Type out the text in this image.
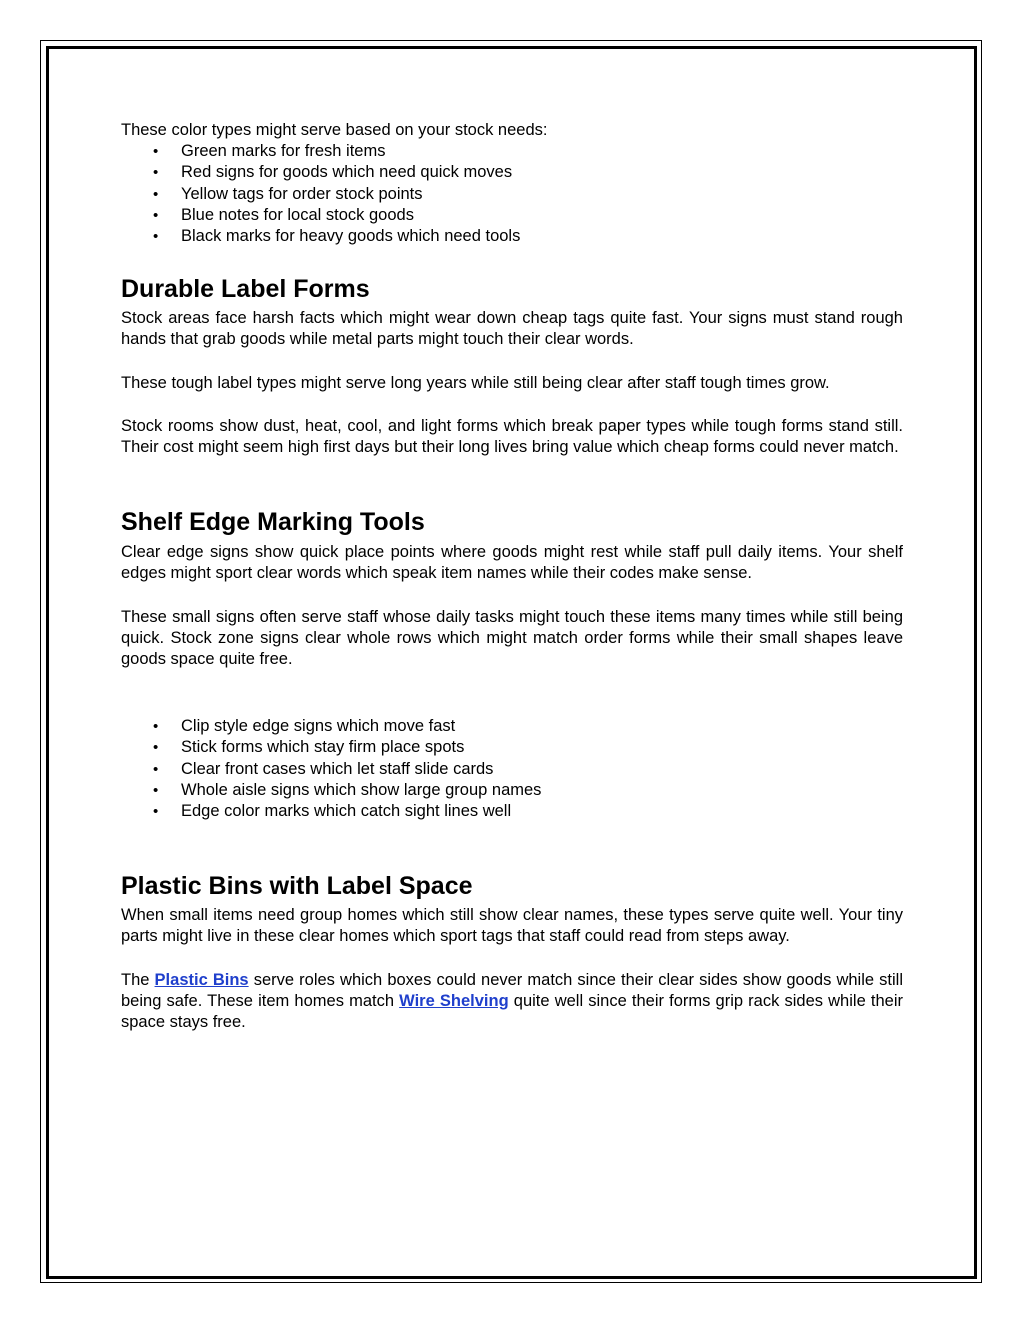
These color types might serve based on your stock needs:

• Green marks for fresh items
• Red signs for goods which need quick moves
• Yellow tags for order stock points
• Blue notes for local stock goods
• Black marks for heavy goods which need tools
Durable Label Forms

Stock areas face harsh facts which might wear down cheap tags quite fast. Your signs must stand rough hands that grab goods while metal parts might touch their clear words.

These tough label types might serve long years while still being clear after staff tough times grow.

Stock rooms show dust, heat, cool, and light forms which break paper types while tough forms stand still. Their cost might seem high first days but their long lives bring value which cheap forms could never match.

Shelf Edge Marking Tools

Clear edge signs show quick place points where goods might rest while staff pull daily items. Your shelf edges might sport clear words which speak item names while their codes make sense.

These small signs often serve staff whose daily tasks might touch these items many times while still being quick. Stock zone signs clear whole rows which might match order forms while their small shapes leave goods space quite free.

• Clip style edge signs which move fast
• Stick forms which stay firm place spots
• Clear front cases which let staff slide cards
• Whole aisle signs which show large group names
• Edge color marks which catch sight lines well
Plastic Bins with Label Space

When small items need group homes which still show clear names, these types serve quite well. Your tiny parts might live in these clear homes which sport tags that staff could read from steps away.

The Plastic Bins serve roles which boxes could never match since their clear sides show goods while still being safe. These item homes match Wire Shelving quite well since their forms grip rack sides while their space stays free.
